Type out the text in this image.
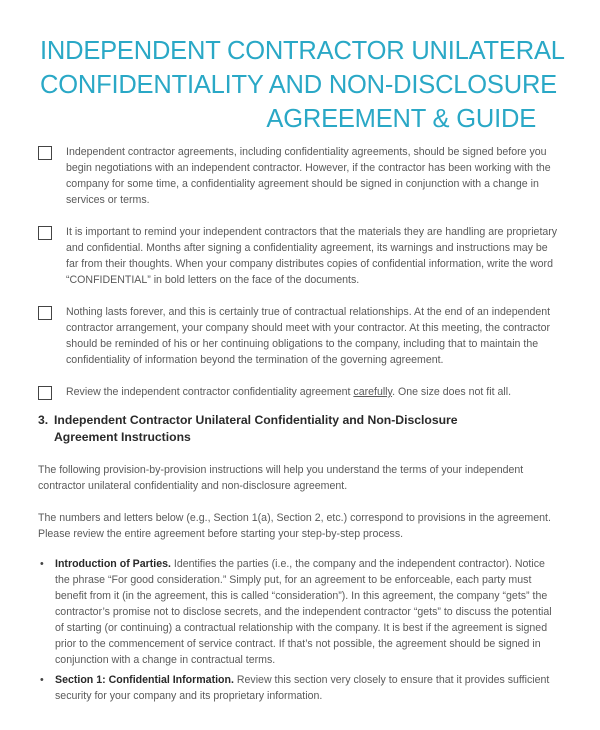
INDEPENDENT CONTRACTOR UNILATERAL
CONFIDENTIALITY AND NON-DISCLOSURE
AGREEMENT & GUIDE
Independent contractor agreements, including confidentiality agreements, should be signed before you begin negotiations with an independent contractor. However, if the contractor has been working with the company for some time, a confidentiality agreement should be signed in conjunction with a change in services or terms.
It is important to remind your independent contractors that the materials they are handling are proprietary and confidential. Months after signing a confidentiality agreement, its warnings and instructions may be far from their thoughts. When your company distributes copies of confidential information, write the word “CONFIDENTIAL” in bold letters on the face of the documents.
Nothing lasts forever, and this is certainly true of contractual relationships. At the end of an independent contractor arrangement, your company should meet with your contractor. At this meeting, the contractor should be reminded of his or her continuing obligations to the company, including that to maintain the confidentiality of information beyond the termination of the governing agreement.
Review the independent contractor confidentiality agreement carefully. One size does not fit all.
3. Independent Contractor Unilateral Confidentiality and Non-Disclosure
Agreement Instructions
The following provision-by-provision instructions will help you understand the terms of your independent contractor unilateral confidentiality and non-disclosure agreement.
The numbers and letters below (e.g., Section 1(a), Section 2, etc.) correspond to provisions in the agreement. Please review the entire agreement before starting your step-by-step process.
• Introduction of Parties. Identifies the parties (i.e., the company and the independent contractor). Notice the phrase “For good consideration.” Simply put, for an agreement to be enforceable, each party must benefit from it (in the agreement, this is called “consideration”). In this agreement, the company “gets” the contractor’s promise not to disclose secrets, and the independent contractor “gets” to discuss the potential of starting (or continuing) a contractual relationship with the company. It is best if the agreement is signed prior to the commencement of service contract. If that’s not possible, the agreement should be signed in conjunction with a change in contractual terms.
• Section 1: Confidential Information. Review this section very closely to ensure that it provides sufficient security for your company and its proprietary information.
